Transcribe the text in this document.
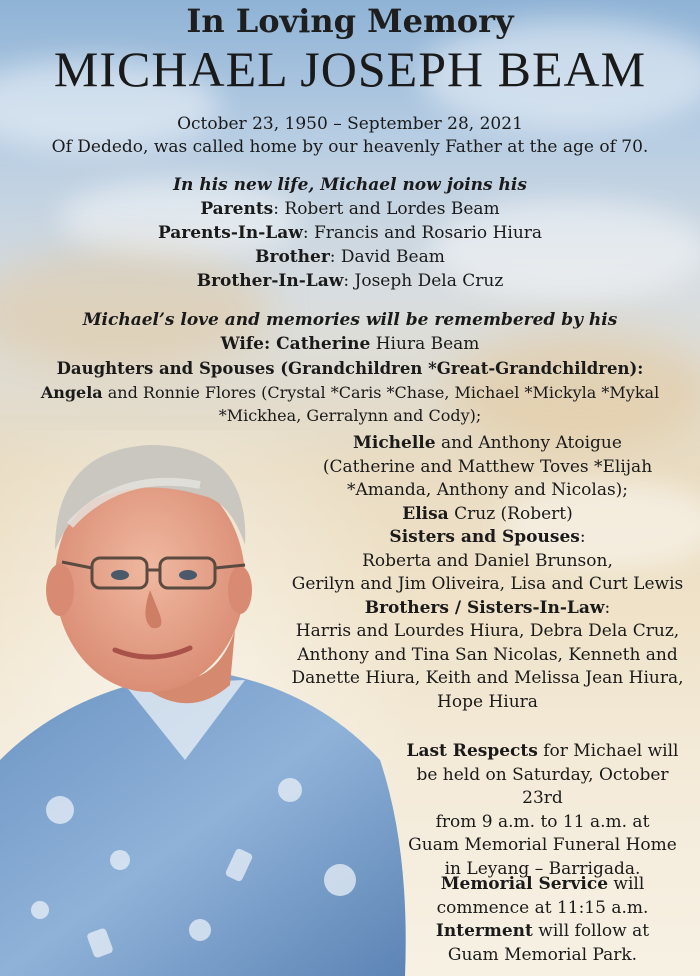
In Loving Memory
MICHAEL JOSEPH BEAM
October 23, 1950 – September 28, 2021
Of Dededo, was called home by our heavenly Father at the age of 70.
In his new life, Michael now joins his
Parents: Robert and Lordes Beam
Parents-In-Law: Francis and Rosario Hiura
Brother: David Beam
Brother-In-Law: Joseph Dela Cruz
Michael’s love and memories will be remembered by his
Wife: Catherine Hiura Beam
Daughters and Spouses (Grandchildren *Great-Grandchildren):
Angela and Ronnie Flores (Crystal *Caris *Chase, Michael *Mickyla *Mykal
*Mickhea, Gerralynn and Cody);
Michelle and Anthony Atoigue
(Catherine and Matthew Toves *Elijah
*Amanda, Anthony and Nicolas);
Elisa Cruz (Robert)
Sisters and Spouses:
Roberta and Daniel Brunson,
Gerilyn and Jim Oliveira, Lisa and Curt Lewis
Brothers / Sisters-In-Law:
Harris and Lourdes Hiura, Debra Dela Cruz,
Anthony and Tina San Nicolas, Kenneth and
Danette Hiura, Keith and Melissa Jean Hiura,
Hope Hiura
Last Respects for Michael will
be held on Saturday, October 23rd
from 9 a.m. to 11 a.m. at
Guam Memorial Funeral Home
in Leyang – Barrigada.
Memorial Service will
commence at 11:15 a.m.
Interment will follow at
Guam Memorial Park.
